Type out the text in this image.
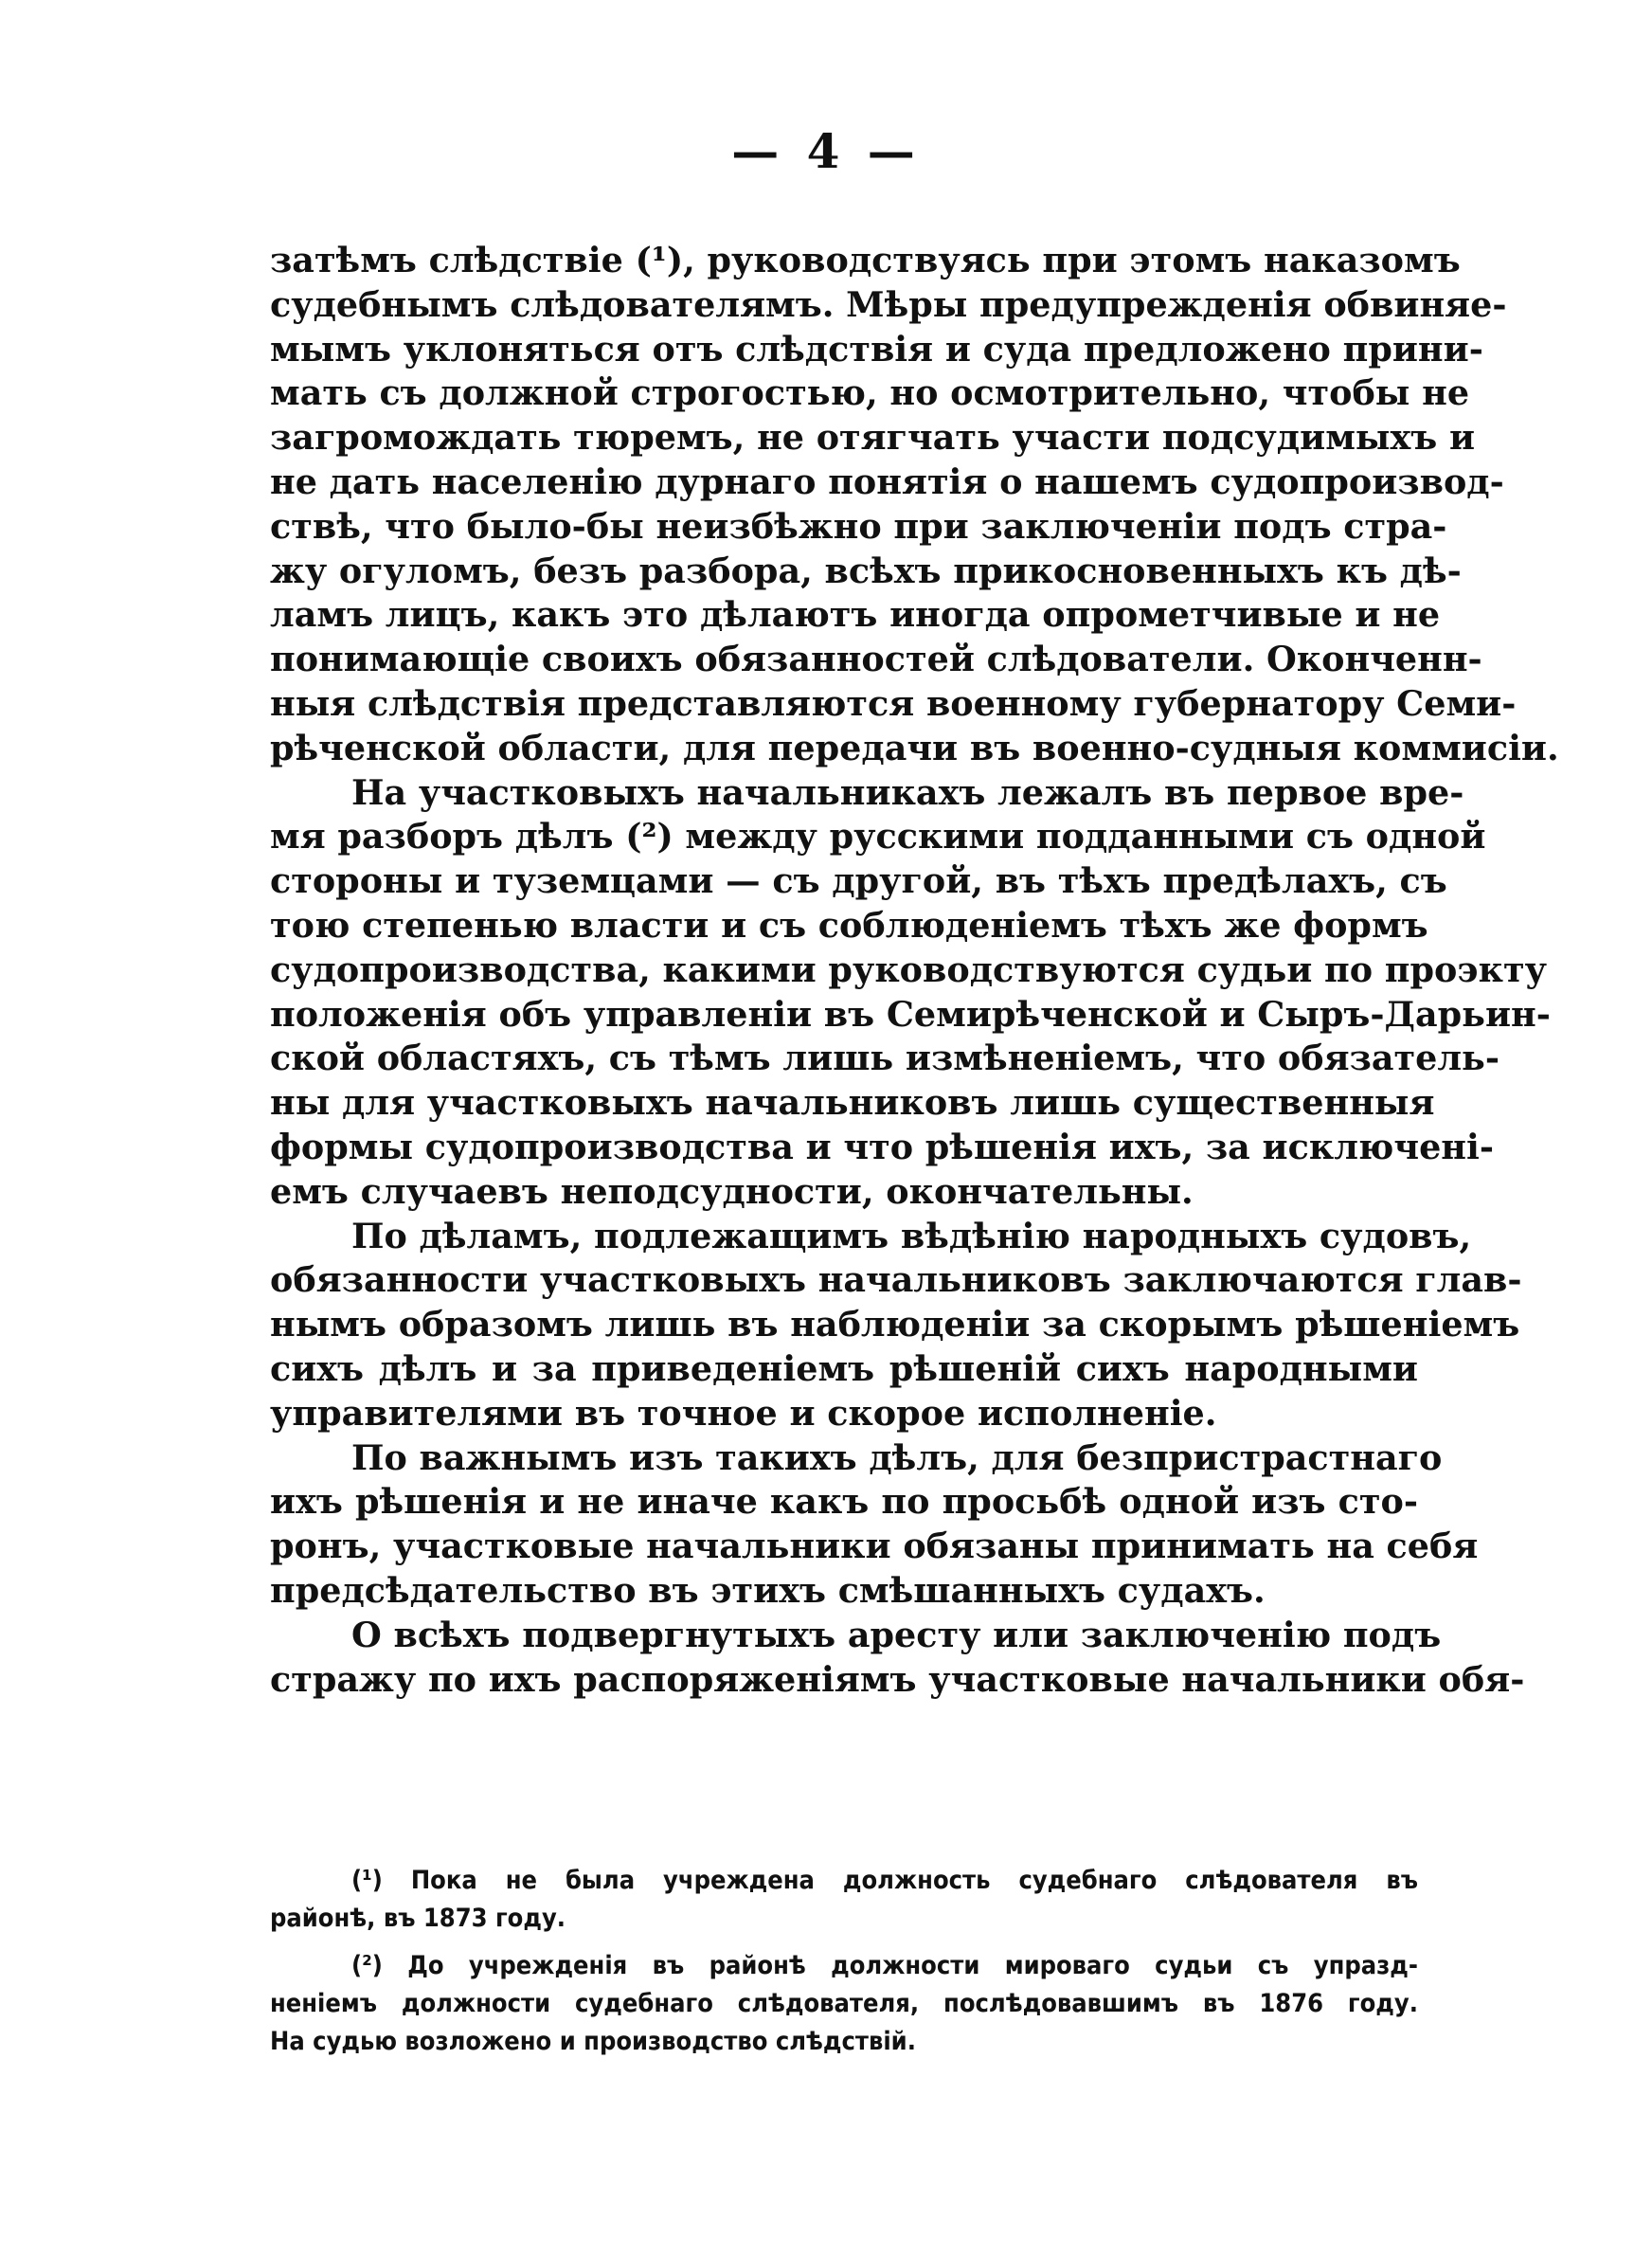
— 4 —
затѣмъ слѣдствіе (¹), руководствуясь при этомъ наказомъ
судебнымъ слѣдователямъ. Мѣры предупрежденія обвиняе-
мымъ уклоняться отъ слѣдствія и суда предложено прини-
мать съ должной строгостью, но осмотрительно, чтобы не
загромождать тюремъ, не отягчать участи подсудимыхъ и
не дать населенію дурнаго понятія о нашемъ судопроизвод-
ствѣ, что было-бы неизбѣжно при заключеніи подъ стра-
жу огуломъ, безъ разбора, всѣхъ прикосновенныхъ къ дѣ-
ламъ лицъ, какъ это дѣлаютъ иногда опрометчивые и не
понимающіе своихъ обязанностей слѣдователи. Оконченн-
ныя слѣдствія представляются военному губернатору Семи-
рѣченской области, для передачи въ военно-судныя коммисіи.
На участковыхъ начальникахъ лежалъ въ первое вре-
мя разборъ дѣлъ (²) между русскими подданными съ одной
стороны и туземцами — съ другой, въ тѣхъ предѣлахъ, съ
тою степенью власти и съ соблюденіемъ тѣхъ же формъ
судопроизводства, какими руководствуются судьи по проэкту
положенія объ управленіи въ Семирѣченской и Сыръ-Дарьин-
ской областяхъ, съ тѣмъ лишь измѣненіемъ, что обязатель-
ны для участковыхъ начальниковъ лишь существенныя
формы судопроизводства и что рѣшенія ихъ, за исключені-
емъ случаевъ неподсудности, окончательны.
По дѣламъ, подлежащимъ вѣдѣнію народныхъ судовъ,
обязанности участковыхъ начальниковъ заключаются глав-
нымъ образомъ лишь въ наблюденіи за скорымъ рѣшеніемъ
сихъ дѣлъ и за приведеніемъ рѣшеній сихъ народными
управителями въ точное и скорое исполненіе.
По важнымъ изъ такихъ дѣлъ, для безпристрастнаго
ихъ рѣшенія и не иначе какъ по просьбѣ одной изъ сто-
ронъ, участковые начальники обязаны принимать на себя
предсѣдательство въ этихъ смѣшанныхъ судахъ.
О всѣхъ подвергнутыхъ аресту или заключенію подъ
стражу по ихъ распоряженіямъ участковые начальники обя-
(¹) Пока не была учреждена должность судебнаго слѣдователя въ
районѣ, въ 1873 году.
(²) До учрежденія въ районѣ должности мироваго судьи съ упразд-
неніемъ должности судебнаго слѣдователя, послѣдовавшимъ въ 1876 году.
На судью возложено и производство слѣдствій.
